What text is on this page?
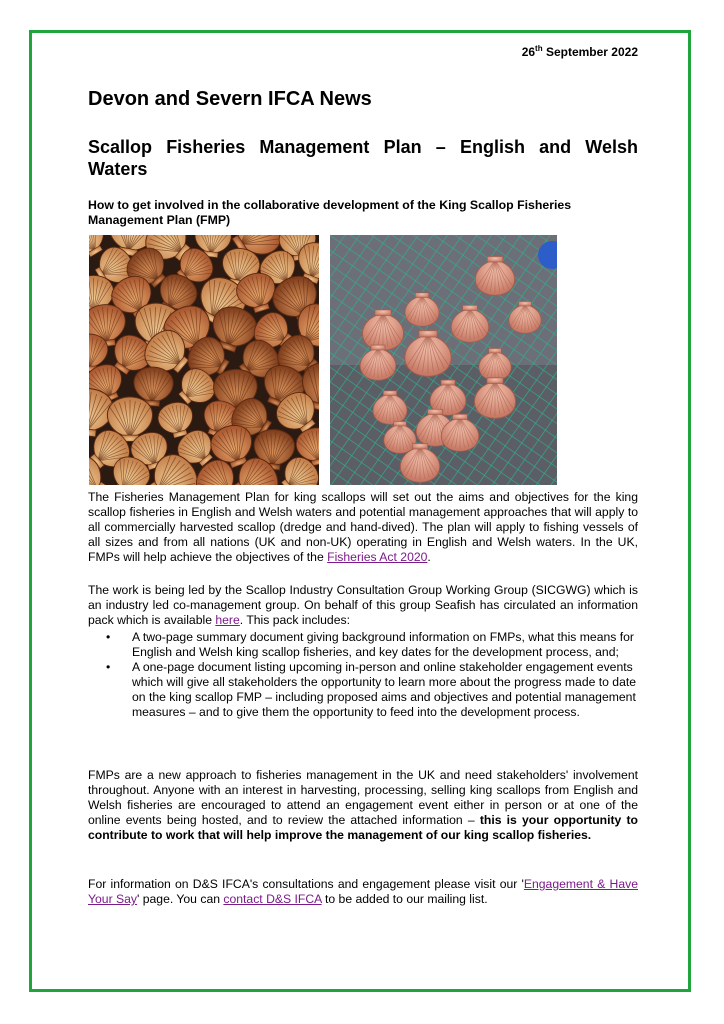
26th September 2022
Devon and Severn IFCA News
Scallop Fisheries Management Plan – English and Welsh Waters

How to get involved in the collaborative development of the King Scallop Fisheries Management Plan (FMP)

The Fisheries Management Plan for king scallops will set out the aims and objectives for the king scallop fisheries in English and Welsh waters and potential management approaches that will apply to all commercially harvested scallop (dredge and hand-dived). The plan will apply to fishing vessels of all sizes and from all nations (UK and non-UK) operating in English and Welsh waters. In the UK, FMPs will help achieve the objectives of the Fisheries Act 2020.

The work is being led by the Scallop Industry Consultation Group Working Group (SICGWG) which is an industry led co-management group. On behalf of this group Seafish has circulated an information pack which is available here. This pack includes:

• A two-page summary document giving background information on FMPs, what this means for English and Welsh king scallop fisheries, and key dates for the development process, and;
• A one-page document listing upcoming in-person and online stakeholder engagement events which will give all stakeholders the opportunity to learn more about the progress made to date on the king scallop FMP – including proposed aims and objectives and potential management measures – and to give them the opportunity to feed into the development process.

FMPs are a new approach to fisheries management in the UK and need stakeholders' involvement throughout. Anyone with an interest in harvesting, processing, selling king scallops from English and Welsh fisheries are encouraged to attend an engagement event either in person or at one of the online events being hosted, and to review the attached information – this is your opportunity to contribute to work that will help improve the management of our king scallop fisheries.

For information on D&S IFCA's consultations and engagement please visit our 'Engagement & Have Your Say' page. You can contact D&S IFCA to be added to our mailing list.
